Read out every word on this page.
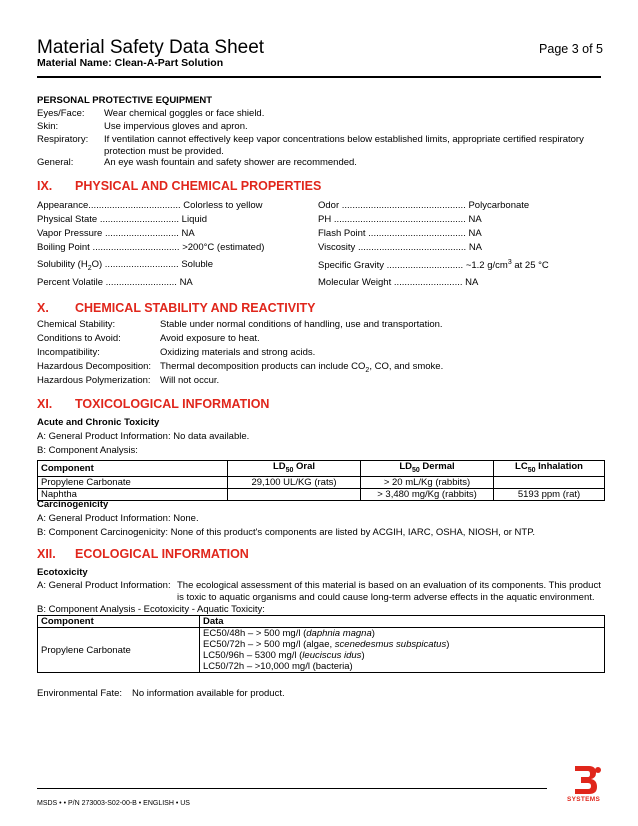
Material Safety Data Sheet	Page 3 of 5
Material Name: Clean-A-Part Solution
PERSONAL PROTECTIVE EQUIPMENT
Eyes/Face: Wear chemical goggles or face shield.
Skin:	Use impervious gloves and apron.
Respiratory: If ventilation cannot effectively keep vapor concentrations below established limits, appropriate certified respiratory protection must be provided.
General:	An eye wash fountain and safety shower are recommended.
IX. PHYSICAL AND CHEMICAL PROPERTIES
Appearance................................... Colorless to yellow
Physical State .............................. Liquid
Vapor Pressure ............................ NA
Boiling Point ................................. >200°C (estimated)
Solubility $(H_2O)$ ............................ Soluble
Percent Volatile ........................... NA
Odor ............................................... Polycarbonate
PH .................................................. NA
Flash Point ..................................... NA
Viscosity ......................................... NA
Specific Gravity ............................. ~1.2 $g/cm^3$ at 25 °C
Molecular Weight .......................... NA
X. CHEMICAL STABILITY AND REACTIVITY
Chemical Stability:	Stable under normal conditions of handling, use and transportation.
Conditions to Avoid:	Avoid exposure to heat.
Incompatibility:	Oxidizing materials and strong acids.
Hazardous Decomposition: Thermal decomposition products can include $CO_2$, CO, and smoke.
Hazardous Polymerization: Will not occur.
XI. TOXICOLOGICAL INFORMATION
Acute and Chronic Toxicity
A: General Product Information: No data available.
B: Component Analysis:
Component	$LD_{50}$ Oral	$LD_{50}$ Dermal	$LC_{50}$ Inhalation
Propylene Carbonate	29,100 UL/KG (rats)	> 20 mL/Kg (rabbits)	
Naphtha		> 3,480 mg/Kg (rabbits)	5193 ppm (rat)
Carcinogenicity
A: General Product Information: None.
B: Component Carcinogenicity: None of this product's components are listed by ACGIH, IARC, OSHA, NIOSH, or NTP.
XII. ECOLOGICAL INFORMATION
Ecotoxicity
A: General Product Information: The ecological assessment of this material is based on an evaluation of its components. This product is toxic to aquatic organisms and could cause long-term adverse effects in the aquatic environment.
B: Component Analysis - Ecotoxicity - Aquatic Toxicity:
Component	Data
Propylene Carbonate	EC50/48h – > 500 mg/l (daphnia magna)
EC50/72h – > 500 mg/l (algae, scenedesmus subspicatus)
LC50/96h – 5300 mg/l (leuciscus idus)
LC50/72h – >10,000 mg/l (bacteria)
Environmental Fate: No information available for product.
MSDS • • P/N 273003-S02-00-B • ENGLISH • US
SYSTEMS
